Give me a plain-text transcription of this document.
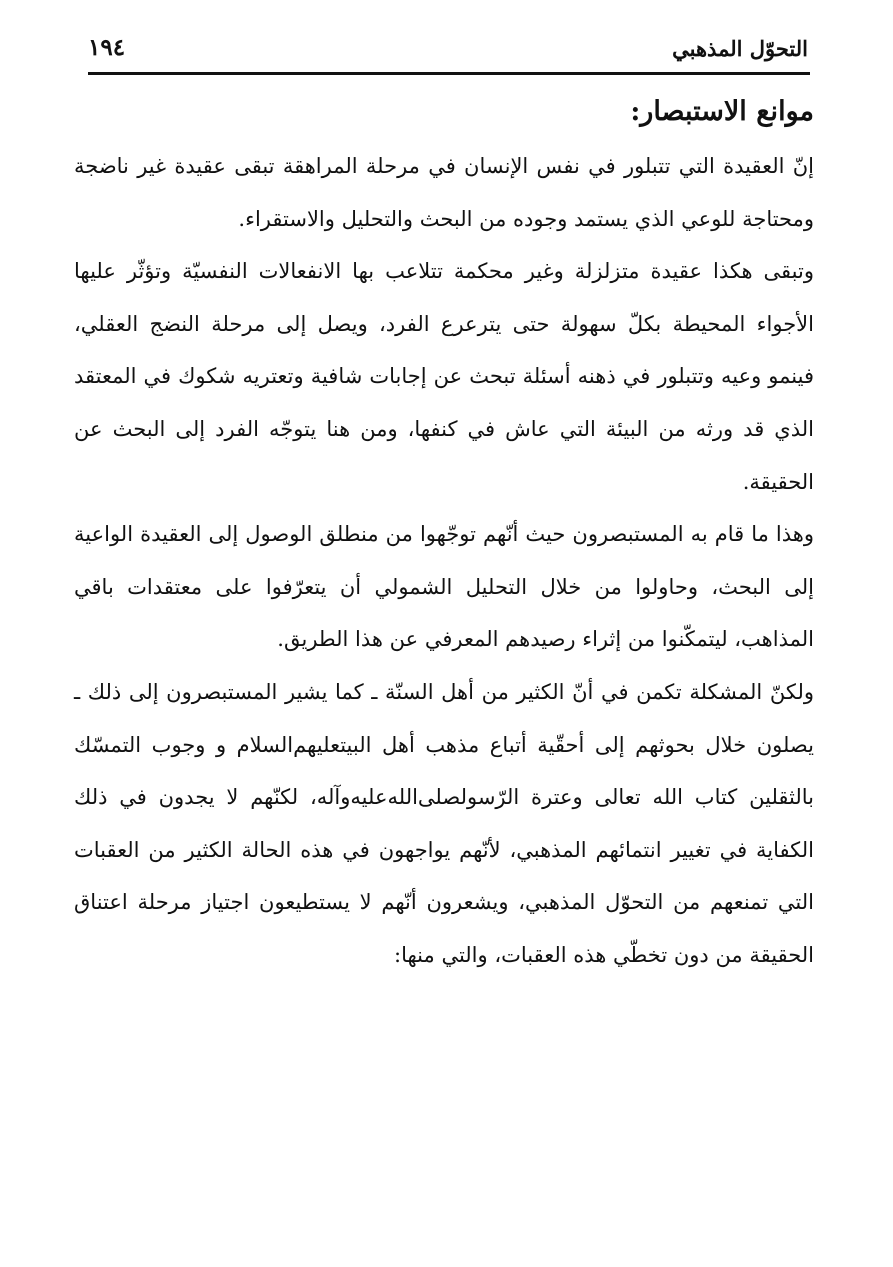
١٩٤	التحوّل المذهبي
موانع الاستبصار:

إنّ العقيدة التي تتبلور في نفس الإنسان في مرحلة المراهقة تبقى عقيدة غير ناضجة ومحتاجة للوعي الذي يستمد وجوده من البحث والتحليل والاستقراء.

وتبقى هكذا عقيدة متزلزلة وغير محكمة تتلاعب بها الانفعالات النفسيّة وتؤثّر عليها الأجواء المحيطة بكلّ سهولة حتى يترعرع الفرد، ويصل إلى مرحلة النضج العقلي، فينمو وعيه وتتبلور في ذهنه أسئلة تبحث عن إجابات شافية وتعتريه شكوك في المعتقد الذي قد ورثه من البيئة التي عاش في كنفها، ومن هنا يتوجّه الفرد إلى البحث عن الحقيقة.

وهذا ما قام به المستبصرون حيث أنّهم توجّهوا من منطلق الوصول إلى العقيدة الواعية إلى البحث، وحاولوا من خلال التحليل الشمولي أن يتعرّفوا على معتقدات باقي المذاهب، ليتمكّنوا من إثراء رصيدهم المعرفي عن هذا الطريق.

ولكنّ المشكلة تكمن في أنّ الكثير من أهل السنّة ـ كما يشير المستبصرون إلى ذلك ـ يصلون خلال بحوثهم إلى أحقّية أتباع مذهب أهل البيتعليهم‌السلام و وجوب التمسّك بالثقلين كتاب الله تعالى وعترة الرّسولصلى‌الله‌عليه‌وآله، لكنّهم لا يجدون في ذلك الكفاية في تغيير انتمائهم المذهبي، لأنّهم يواجهون في هذه الحالة الكثير من العقبات التي تمنعهم من التحوّل المذهبي، ويشعرون أنّهم لا يستطيعون اجتياز مرحلة اعتناق الحقيقة من دون تخطّي هذه العقبات، والتي منها:
